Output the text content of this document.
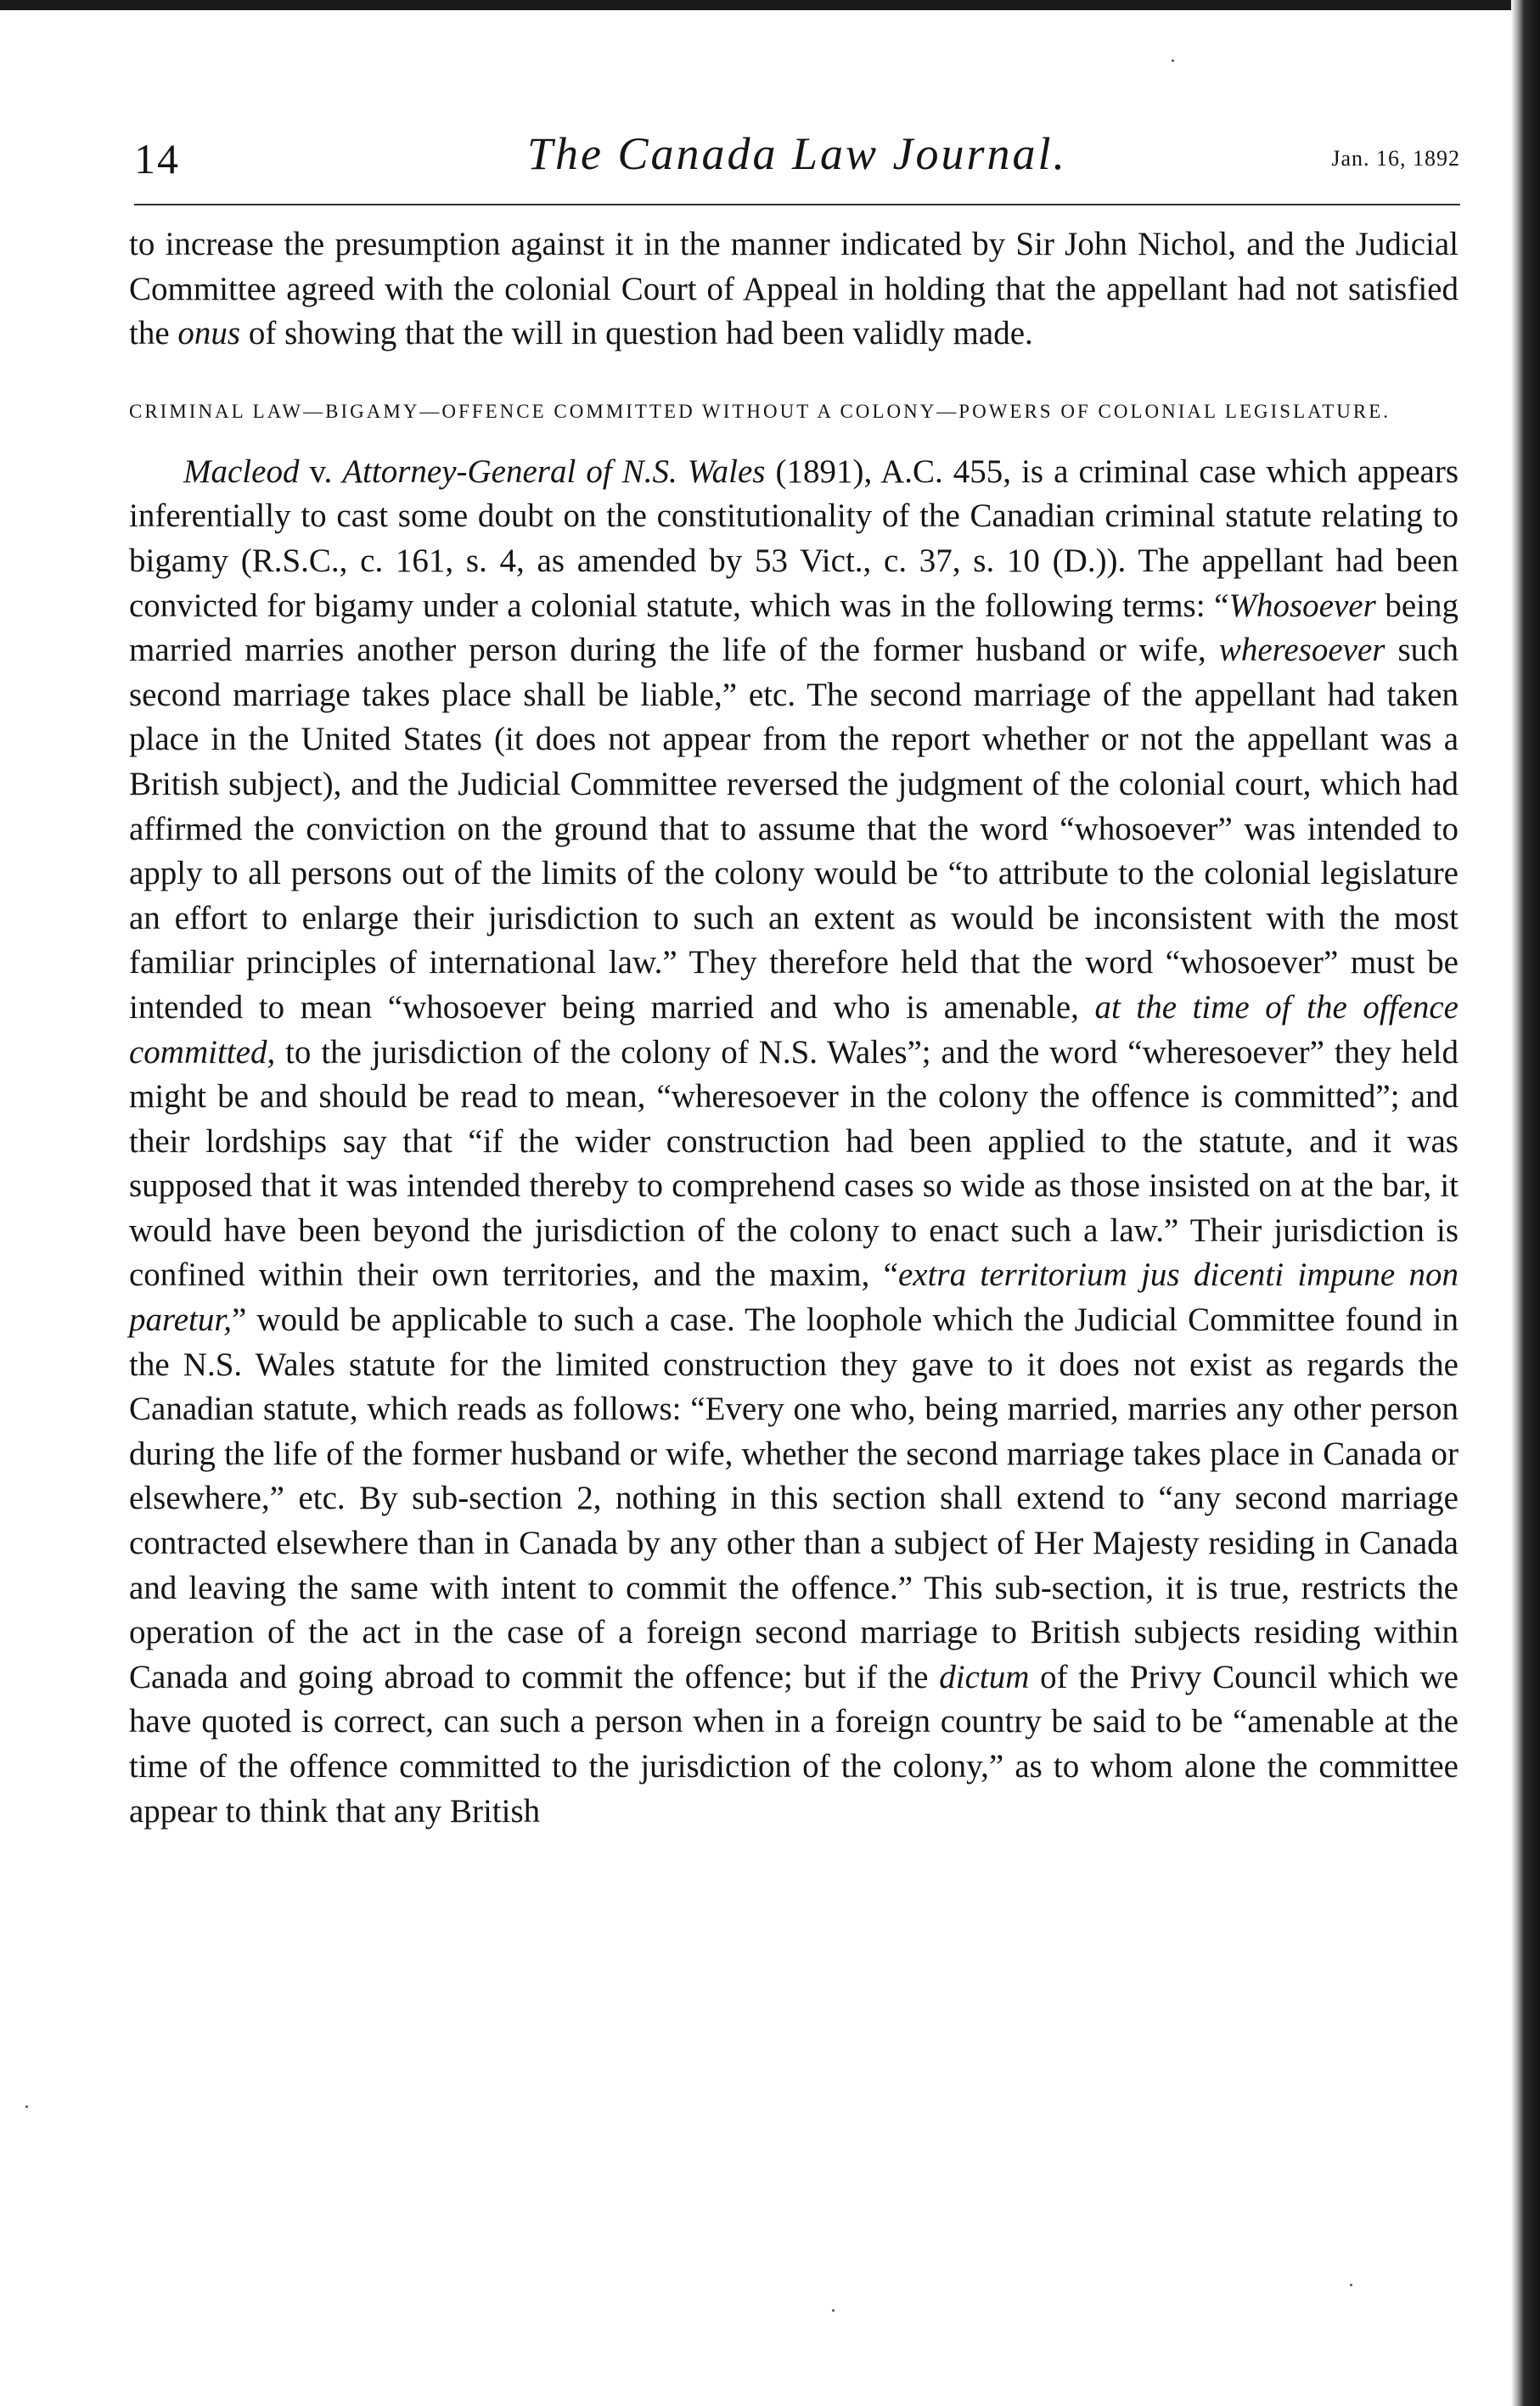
14	The Canada Law Journal.	Jan. 16, 1892

to increase the presumption against it in the manner indicated by Sir John Nichol, and the Judicial Committee agreed with the colonial Court of Appeal in holding that the appellant had not satisfied the onus of showing that the will in question had been validly made.

CRIMINAL LAW—BIGAMY—OFFENCE COMMITTED WITHOUT A COLONY—POWERS OF COLONIAL LEGISLATURE.

Macleod v. Attorney-General of N.S. Wales (1891), A.C. 455, is a criminal case which appears inferentially to cast some doubt on the constitutionality of the Canadian criminal statute relating to bigamy (R.S.C., c. 161, s. 4, as amended by 53 Vict., c. 37, s. 10 (D.)). The appellant had been convicted for bigamy under a colonial statute, which was in the following terms: “Whosoever being married marries another person during the life of the former husband or wife, wheresoever such second marriage takes place shall be liable,” etc. The second marriage of the appellant had taken place in the United States (it does not appear from the report whether or not the appellant was a British subject), and the Judicial Committee reversed the judgment of the colonial court, which had affirmed the conviction on the ground that to assume that the word “whosoever” was intended to apply to all persons out of the limits of the colony would be “to attribute to the colonial legislature an effort to enlarge their jurisdiction to such an extent as would be inconsistent with the most familiar principles of international law.” They therefore held that the word “whosoever” must be intended to mean “whosoever being married and who is amenable, at the time of the offence committed, to the jurisdiction of the colony of N.S. Wales”; and the word “wheresoever” they held might be and should be read to mean, “wheresoever in the colony the offence is committed”; and their lordships say that “if the wider construction had been applied to the statute, and it was supposed that it was intended thereby to comprehend cases so wide as those insisted on at the bar, it would have been beyond the jurisdiction of the colony to enact such a law.” Their jurisdiction is confined within their own territories, and the maxim, “extra territorium jus dicenti impune non paretur,” would be applicable to such a case. The loophole which the Judicial Committee found in the N.S. Wales statute for the limited construction they gave to it does not exist as regards the Canadian statute, which reads as follows: “Every one who, being married, marries any other person during the life of the former husband or wife, whether the second marriage takes place in Canada or elsewhere,” etc. By sub-section 2, nothing in this section shall extend to “any second marriage contracted elsewhere than in Canada by any other than a subject of Her Majesty residing in Canada and leaving the same with intent to commit the offence.” This sub-section, it is true, restricts the operation of the act in the case of a foreign second marriage to British subjects residing within Canada and going abroad to commit the offence; but if the dictum of the Privy Council which we have quoted is correct, can such a person when in a foreign country be said to be “amenable at the time of the offence committed to the jurisdiction of the colony,” as to whom alone the committee appear to think that any British
